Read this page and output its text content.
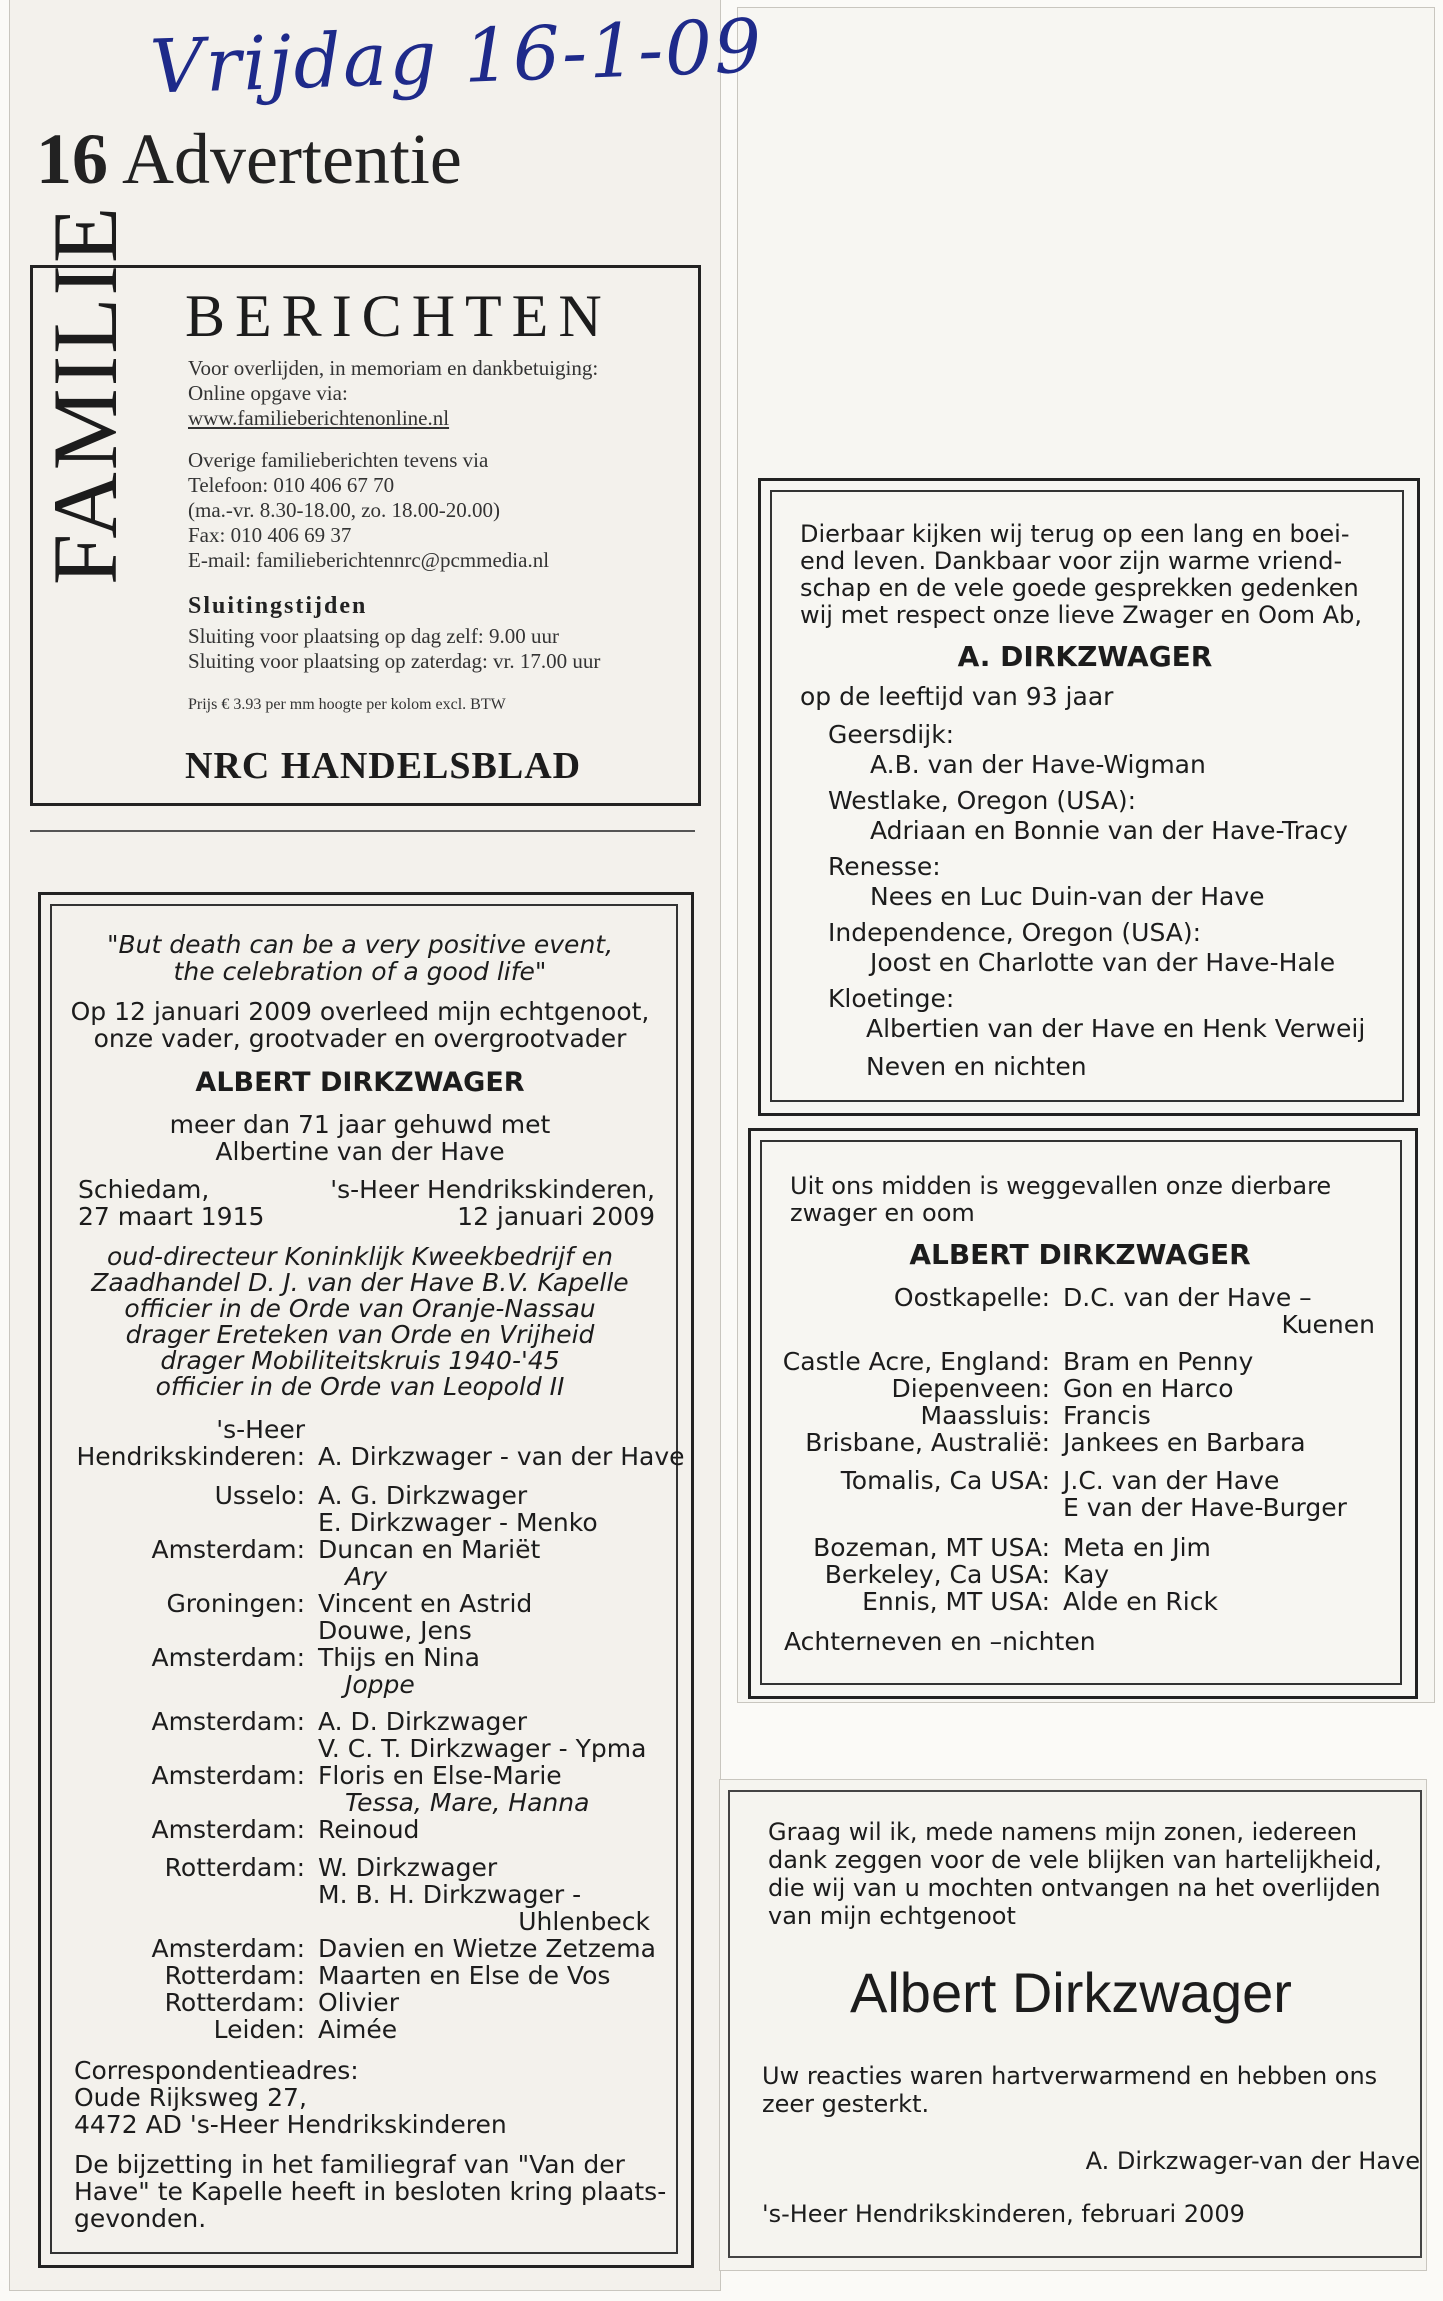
Vrijdag 16-1-09
16 Advertentie
FAMILIE BERICHTEN
Voor overlijden, in memoriam en dankbetuiging:
Online opgave via:
www.familieberichtenonline.nl
Overige familieberichten tevens via
Telefoon: 010 406 67 70
(ma.-vr. 8.30-18.00, zo. 18.00-20.00)
Fax: 010 406 69 37
E-mail: familieberichtennrc@pcmmedia.nl
Sluitingstijden
Sluiting voor plaatsing op dag zelf: 9.00 uur
Sluiting voor plaatsing op zaterdag: vr. 17.00 uur
Prijs € 3.93 per mm hoogte per kolom excl. BTW
NRC HANDELSBLAD
"But death can be a very positive event,
the celebration of a good life"
Op 12 januari 2009 overleed mijn echtgenoot,
onze vader, grootvader en overgrootvader
ALBERT DIRKZWAGER
meer dan 71 jaar gehuwd met
Albertine van der Have
Schiedam,
27 maart 1915
's-Heer Hendrikskinderen,
12 januari 2009
oud-directeur Koninklijk Kweekbedrijf en
Zaadhandel D. J. van der Have B.V. Kapelle
officier in de Orde van Oranje-Nassau
drager Ereteken van Orde en Vrijheid
drager Mobiliteitskruis 1940-'45
officier in de Orde van Leopold II
's-Heer
Hendrikskinderen: A. Dirkzwager - van der Have
Usselo: A. G. Dirkzwager
E. Dirkzwager - Menko
Amsterdam: Duncan en Mariët
Ary
Groningen: Vincent en Astrid
Douwe, Jens
Amsterdam: Thijs en Nina
Joppe
Amsterdam: A. D. Dirkzwager
V. C. T. Dirkzwager - Ypma
Amsterdam: Floris en Else-Marie
Tessa, Mare, Hanna
Amsterdam: Reinoud
Rotterdam: W. Dirkzwager
M. B. H. Dirkzwager -
Uhlenbeck
Amsterdam: Davien en Wietze Zetzema
Rotterdam: Maarten en Else de Vos
Rotterdam: Olivier
Leiden: Aimée
Correspondentieadres:
Oude Rijksweg 27,
4472 AD 's-Heer Hendrikskinderen
De bijzetting in het familiegraf van "Van der
Have" te Kapelle heeft in besloten kring plaats-
gevonden.
Dierbaar kijken wij terug op een lang en boei-
end leven. Dankbaar voor zijn warme vriend-
schap en de vele goede gesprekken gedenken
wij met respect onze lieve Zwager en Oom Ab,
A. DIRKZWAGER
op de leeftijd van 93 jaar
Geersdijk:
A.B. van der Have-Wigman
Westlake, Oregon (USA):
Adriaan en Bonnie van der Have-Tracy
Renesse:
Nees en Luc Duin-van der Have
Independence, Oregon (USA):
Joost en Charlotte van der Have-Hale
Kloetinge:
Albertien van der Have en Henk Verweij
Neven en nichten
Uit ons midden is weggevallen onze dierbare
zwager en oom
ALBERT DIRKZWAGER
Oostkapelle: D.C. van der Have –
Kuenen
Castle Acre, England: Bram en Penny
Diepenveen: Gon en Harco
Maassluis: Francis
Brisbane, Australië: Jankees en Barbara
Tomalis, Ca USA: J.C. van der Have
E van der Have-Burger
Bozeman, MT USA: Meta en Jim
Berkeley, Ca USA: Kay
Ennis, MT USA: Alde en Rick
Achterneven en –nichten
Graag wil ik, mede namens mijn zonen, iedereen
dank zeggen voor de vele blijken van hartelijkheid,
die wij van u mochten ontvangen na het overlijden
van mijn echtgenoot
Albert Dirkzwager
Uw reacties waren hartverwarmend en hebben ons
zeer gesterkt.
A. Dirkzwager-van der Have
's-Heer Hendrikskinderen, februari 2009
